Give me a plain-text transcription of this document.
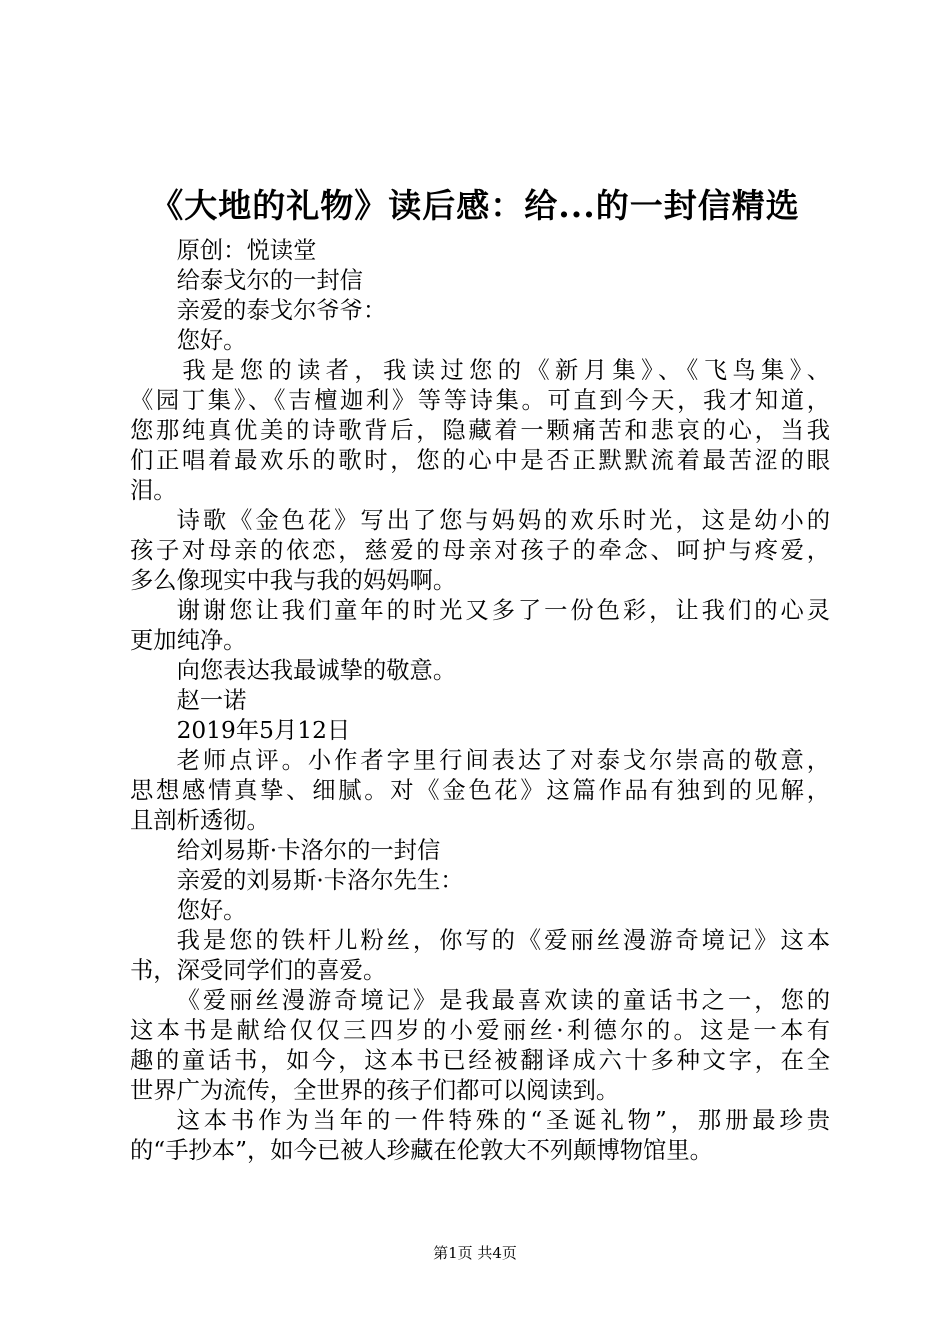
《大地的礼物》读后感：给...的一封信精选
原创：悦读堂
给泰戈尔的一封信
亲爱的泰戈尔爷爷：
您好。
我是您的读者，我读过您的《新月集》、《飞鸟集》、
《园丁集》、《吉檀迦利》等等诗集。可直到今天，我才知道，
您那纯真优美的诗歌背后，隐藏着一颗痛苦和悲哀的心，当我
们正唱着最欢乐的歌时，您的心中是否正默默流着最苦涩的眼
泪。
诗歌《金色花》写出了您与妈妈的欢乐时光，这是幼小的
孩子对母亲的依恋，慈爱的母亲对孩子的牵念、呵护与疼爱，
多么像现实中我与我的妈妈啊。
谢谢您让我们童年的时光又多了一份色彩，让我们的心灵
更加纯净。
向您表达我最诚挚的敬意。
赵一诺
2019年5月12日
老师点评。小作者字里行间表达了对泰戈尔崇高的敬意，
思想感情真挚、细腻。对《金色花》这篇作品有独到的见解，
且剖析透彻。
给刘易斯·卡洛尔的一封信
亲爱的刘易斯·卡洛尔先生：
您好。
我是您的铁杆儿粉丝，你写的《爱丽丝漫游奇境记》这本
书，深受同学们的喜爱。
《爱丽丝漫游奇境记》是我最喜欢读的童话书之一，您的
这本书是献给仅仅三四岁的小爱丽丝·利德尔的。这是一本有
趣的童话书，如今，这本书已经被翻译成六十多种文字，在全
世界广为流传，全世界的孩子们都可以阅读到。
这本书作为当年的一件特殊的“圣诞礼物”，那册最珍贵
的“手抄本”，如今已被人珍藏在伦敦大不列颠博物馆里。
第1页 共4页
